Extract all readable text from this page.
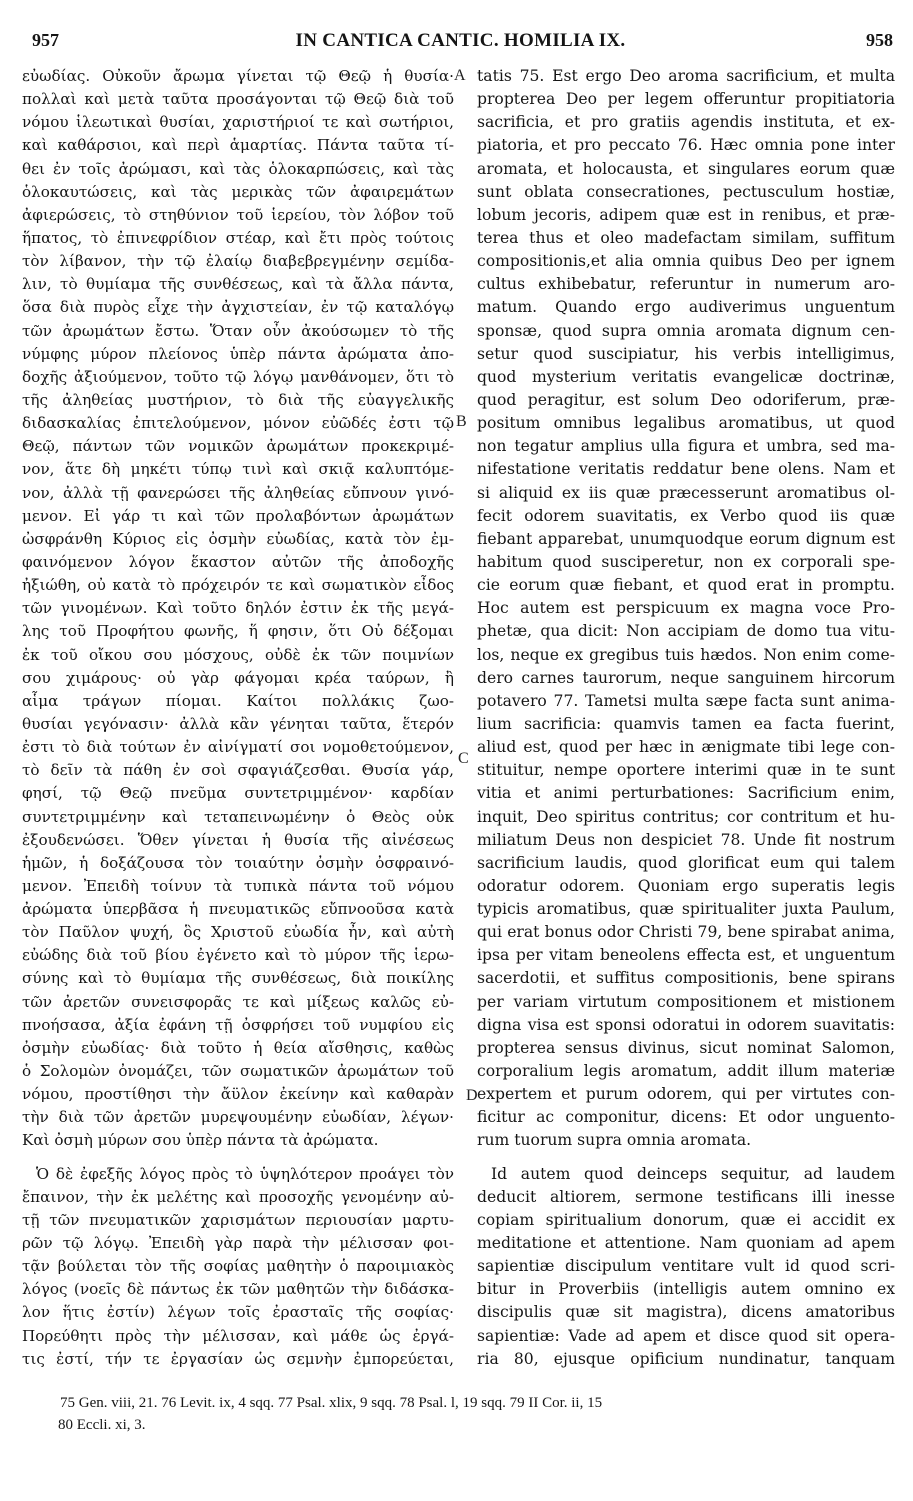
957	IN CANTICA CANTIC. HOMILIA IX.	958
εὐωδίας. Οὐκοῦν ἄρωμα γίνεται τῷ Θεῷ ἡ θυσία·
πολλαὶ καὶ μετὰ ταῦτα προσάγονται τῷ Θεῷ διὰ τοῦ
νόμου ἱλεωτικαὶ θυσίαι, χαριστήριοί τε καὶ σωτήριοι,
καὶ καθάρσιοι, καὶ περὶ ἁμαρτίας. Πάντα ταῦτα τί-
θει ἐν τοῖς ἀρώμασι, καὶ τὰς ὁλοκαρπώσεις, καὶ τὰς
ὁλοκαυτώσεις, καὶ τὰς μερικὰς τῶν ἀφαιρεμάτων
ἀφιερώσεις, τὸ στηθύνιον τοῦ ἱερείου, τὸν λόβον τοῦ
ἥπατος, τὸ ἐπινεφρίδιον στέαρ, καὶ ἔτι πρὸς τούτοις
τὸν λίβανον, τὴν τῷ ἐλαίῳ διαβεβρεγμένην σεμίδα-
λιν, τὸ θυμίαμα τῆς συνθέσεως, καὶ τὰ ἄλλα πάντα,
ὅσα διὰ πυρὸς εἶχε τὴν ἀγχιστείαν, ἐν τῷ καταλόγῳ
τῶν ἀρωμάτων ἔστω. Ὅταν οὖν ἀκούσωμεν τὸ τῆς
νύμφης μύρον πλείονος ὑπὲρ πάντα ἀρώματα ἀπο-
δοχῆς ἀξιούμενον, τοῦτο τῷ λόγῳ μανθάνομεν, ὅτι τὸ
τῆς ἀληθείας μυστήριον, τὸ διὰ τῆς εὐαγγελικῆς
διδασκαλίας ἐπιτελούμενον, μόνον εὐῶδές ἐστι τῷ
Θεῷ, πάντων τῶν νομικῶν ἀρωμάτων προκεκριμέ-
νον, ἅτε δὴ μηκέτι τύπῳ τινὶ καὶ σκιᾷ καλυπτόμε-
νον, ἀλλὰ τῇ φανερώσει τῆς ἀληθείας εὔπνουν γινό-
μενον. Εἰ γάρ τι καὶ τῶν προλαβόντων ἀρωμάτων
ὠσφράνθη Κύριος εἰς ὀσμὴν εὐωδίας, κατὰ τὸν ἐμ-
φαινόμενον λόγον ἕκαστον αὐτῶν τῆς ἀποδοχῆς
ἠξιώθη, οὐ κατὰ τὸ πρόχειρόν τε καὶ σωματικὸν εἶδος
τῶν γινομένων. Καὶ τοῦτο δηλόν ἐστιν ἐκ τῆς μεγά-
λης τοῦ Προφήτου φωνῆς, ἥ φησιν, ὅτι Οὐ δέξομαι
ἐκ τοῦ οἴκου σου μόσχους, οὐδὲ ἐκ τῶν ποιμνίων
σου χιμάρους· οὐ γὰρ φάγομαι κρέα ταύρων, ἢ
αἷμα τράγων πίομαι. Καίτοι πολλάκις ζωο-
θυσίαι γεγόνασιν· ἀλλὰ κἂν γένηται ταῦτα, ἕτερόν
ἐστι τὸ διὰ τούτων ἐν αἰνίγματί σοι νομοθετούμενον,
τὸ δεῖν τὰ πάθη ἐν σοὶ σφαγιάζεσθαι. Θυσία γάρ,
φησί, τῷ Θεῷ πνεῦμα συντετριμμένον· καρδίαν
συντετριμμένην καὶ τεταπεινωμένην ὁ Θεὸς οὐκ
ἐξουδενώσει. Ὅθεν γίνεται ἡ θυσία τῆς αἰνέσεως
ἡμῶν, ἡ δοξάζουσα τὸν τοιαύτην ὀσμὴν ὀσφραινό-
μενον. Ἐπειδὴ τοίνυν τὰ τυπικὰ πάντα τοῦ νόμου
ἀρώματα ὑπερβᾶσα ἡ πνευματικῶς εὔπνοοῦσα κατὰ
τὸν Παῦλον ψυχή, ὃς Χριστοῦ εὐωδία ἦν, καὶ αὐτὴ
εὐώδης διὰ τοῦ βίου ἐγένετο καὶ τὸ μύρον τῆς ἱερω-
σύνης καὶ τὸ θυμίαμα τῆς συνθέσεως, διὰ ποικίλης
τῶν ἀρετῶν συνεισφορᾶς τε καὶ μίξεως καλῶς εὐ-
πνοήσασα, ἀξία ἐφάνη τῇ ὀσφρήσει τοῦ νυμφίου εἰς
ὀσμὴν εὐωδίας· διὰ τοῦτο ἡ θεία αἴσθησις, καθὼς
ὁ Σολομὼν ὀνομάζει, τῶν σωματικῶν ἀρωμάτων τοῦ
νόμου, προστίθησι τὴν ἄϋλον ἐκείνην καὶ καθαρὰν
τὴν διὰ τῶν ἀρετῶν μυρεψουμένην εὐωδίαν, λέγων·
Καὶ ὀσμὴ μύρων σου ὑπὲρ πάντα τὰ ἀρώματα.
Ὁ δὲ ἐφεξῆς λόγος πρὸς τὸ ὑψηλότερον προάγει τὸν
ἔπαινον, τὴν ἐκ μελέτης καὶ προσοχῆς γενομένην αὐ-
τῇ τῶν πνευματικῶν χαρισμάτων περιουσίαν μαρτυ-
ρῶν τῷ λόγῳ. Ἐπειδὴ γὰρ παρὰ τὴν μέλισσαν φοι-
τᾷν βούλεται τὸν τῆς σοφίας μαθητὴν ὁ παροιμιακὸς
λόγος (νοεῖς δὲ πάντως ἐκ τῶν μαθητῶν τὴν διδάσκα-
λον ἥτις ἐστίν) λέγων τοῖς ἐρασταῖς τῆς σοφίας·
Πορεύθητι πρὸς τὴν μέλισσαν, καὶ μάθε ὡς ἐργά-
τις ἐστί, τήν τε ἐργασίαν ὡς σεμνὴν ἐμπορεύεται,
tatis 75. Est ergo Deo aroma sacrificium, et multa
propterea Deo per legem offeruntur propitiatoria
sacrificia, et pro gratiis agendis instituta, et ex-
piatoria, et pro peccato 76. Hæc omnia pone inter
aromata, et holocausta, et singulares eorum quæ
sunt oblata consecrationes, pectusculum hostiæ,
lobum jecoris, adipem quæ est in renibus, et præ-
terea thus et oleo madefactam similam, suffitum
compositionis,et alia omnia quibus Deo per ignem
cultus exhibebatur, referuntur in numerum aro-
matum. Quando ergo audiverimus unguentum
sponsæ, quod supra omnia aromata dignum cen-
setur quod suscipiatur, his verbis intelligimus,
quod mysterium veritatis evangelicæ doctrinæ,
quod peragitur, est solum Deo odoriferum, præ-
positum omnibus legalibus aromatibus, ut quod
non tegatur amplius ulla figura et umbra, sed ma-
nifestatione veritatis reddatur bene olens. Nam et
si aliquid ex iis quæ præcesserunt aromatibus ol-
fecit odorem suavitatis, ex Verbo quod iis quæ
fiebant apparebat, unumquodque eorum dignum est
habitum quod susciperetur, non ex corporali spe-
cie eorum quæ fiebant, et quod erat in promptu.
Hoc autem est perspicuum ex magna voce Pro-
phetæ, qua dicit: Non accipiam de domo tua vitu-
los, neque ex gregibus tuis hædos. Non enim come-
dero carnes taurorum, neque sanguinem hircorum
potavero 77. Tametsi multa sæpe facta sunt anima-
lium sacrificia: quamvis tamen ea facta fuerint,
aliud est, quod per hæc in ænigmate tibi lege con-
stituitur, nempe oportere interimi quæ in te sunt
vitia et animi perturbationes: Sacrificium enim,
inquit, Deo spiritus contritus; cor contritum et hu-
miliatum Deus non despiciet 78. Unde fit nostrum
sacrificium laudis, quod glorificat eum qui talem
odoratur odorem. Quoniam ergo superatis legis
typicis aromatibus, quæ spiritualiter juxta Paulum,
qui erat bonus odor Christi 79, bene spirabat anima,
ipsa per vitam beneolens effecta est, et unguentum
sacerdotii, et suffitus compositionis, bene spirans
per variam virtutum compositionem et mistionem
digna visa est sponsi odoratui in odorem suavitatis:
propterea sensus divinus, sicut nominat Salomon,
corporalium legis aromatum, addit illum materiæ
expertem et purum odorem, qui per virtutes con-
ficitur ac componitur, dicens: Et odor unguento-
rum tuorum supra omnia aromata.
Id autem quod deinceps sequitur, ad laudem
deducit altiorem, sermone testificans illi inesse
copiam spiritualium donorum, quæ ei accidit ex
meditatione et attentione. Nam quoniam ad apem
sapientiæ discipulum ventitare vult id quod scri-
bitur in Proverbiis (intelligis autem omnino ex
discipulis quæ sit magistra), dicens amatoribus
sapientiæ: Vade ad apem et disce quod sit opera-
ria 80, ejusque opificium nundinatur, tanquam
A
B
C
D
75 Gen. viii, 21. 76 Levit. ix, 4 sqq. 77 Psal. xlix, 9 sqq. 78 Psal. l, 19 sqq. 79 II Cor. ii, 15
80 Eccli. xi, 3.
